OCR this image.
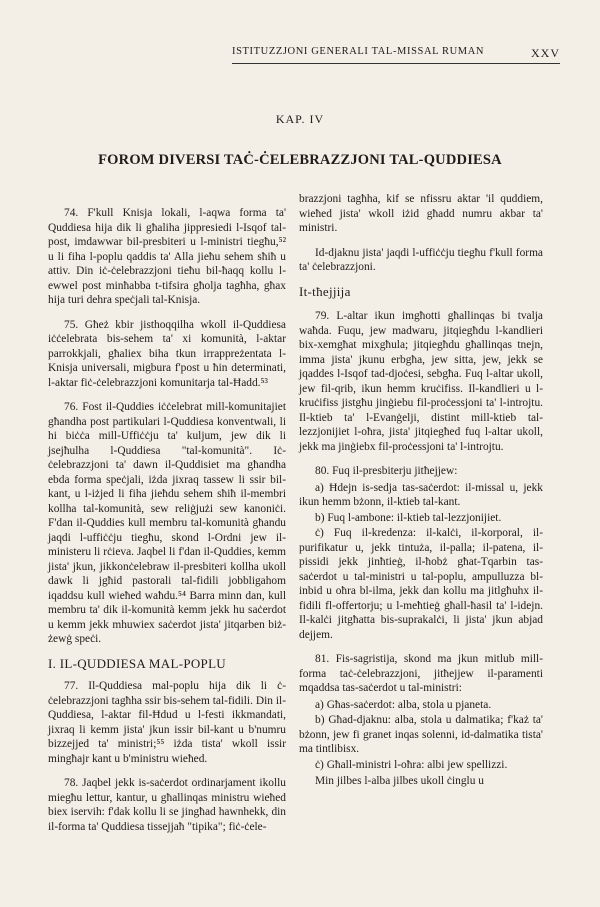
ISTITUZZJONI GENERALI TAL-MISSAL RUMAN	XXV
KAP. IV
FOROM DIVERSI TAĊ-ĊELEBRAZZJONI TAL-QUDDIESA

74. F'kull Knisja lokali, l-aqwa forma ta' Quddiesa hija dik li għaliha jippresiedi l-Isqof tal-post, imdawwar bil-presbiteri u l-ministri tiegħu,⁵² u li fiha l-poplu qaddis ta' Alla jieħu sehem sħiħ u attiv. Din iċ-ċelebrazzjoni tieħu bil-ħaqq kollu l-ewwel post minħabba t-tifsira għolja tagħha, għax hija turi dehra speċjali tal-Knisja.

75. Għeż kbir jisthoqqilha wkoll il-Quddiesa iċċelebrata bis-sehem ta' xi komunità, l-aktar parrokkjali, għaliex biha tkun irrappreżentata l-Knisja universali, migbura f'post u ħin determinati, l-aktar fiċ-ċelebrazzjoni komunitarja tal-Ħadd.⁵³

76. Fost il-Quddies iċċelebrat mill-komunitajiet għandha post partikulari l-Quddiesa konventwali, li hi biċċa mill-Uffiċċju ta' kuljum, jew dik li jsejħulha l-Quddiesa "tal-komunità". Iċ-ċelebrazzjoni ta' dawn il-Quddisiet ma għandha ebda forma speċjali, iżda jixraq tassew li ssir bil-kant, u l-iżjed li fiha jieħdu sehem sħiħ il-membri kollha tal-komunità, sew reliġjużi sew kanoniċi. F'dan il-Quddies kull membru tal-komunità għandu jaqdi l-uffiċċju tiegħu, skond l-Ordni jew il-ministeru li rċieva. Jaqbel li f'dan il-Quddies, kemm jista' jkun, jikkonċelebraw il-presbiteri kollha ukoll dawk li jgħid pastorali tal-fidili jobbligahom iqaddsu kull wieħed waħdu.⁵⁴ Barra minn dan, kull membru ta' dik il-komunità kemm jekk hu saċerdot u kemm jekk mhuwiex saċerdot jista' jitqarben biż-żewġ speċi.

I. IL-QUDDIESA MAL-POPLU

77. Il-Quddiesa mal-poplu hija dik li ċ-ċelebrazzjoni tagħha ssir bis-sehem tal-fidili. Din il-Quddiesa, l-aktar fil-Ħdud u l-festi ikkmandati, jixraq li kemm jista' jkun issir bil-kant u b'numru bizzejjed ta' ministri;⁵⁵ iżda tista' wkoll issir mingħajr kant u b'ministru wieħed.

78. Jaqbel jekk is-saċerdot ordinarjament ikollu miegħu lettur, kantur, u għallinqas ministru wieħed biex iservih: f'dak kollu li se jingħad hawnhekk, din il-forma ta' Quddiesa tissejjaħ "tipika"; fiċ-ċele-

brazzjoni tagħha, kif se nfissru aktar 'il quddiem, wieħed jista' wkoll iżid għadd numru akbar ta' ministri.

Id-djaknu jista' jaqdi l-uffiċċju tiegħu f'kull forma ta' ċelebrazzjoni.

It-tħejjija

79. L-altar ikun imgħotti għallinqas bi tvalja waħda. Fuqu, jew madwaru, jitqiegħdu l-kandlieri bix-xemgħat mixgħula; jitqiegħdu għallinqas tnejn, imma jista' jkunu erbgħa, jew sitta, jew, jekk se jqaddes l-Isqof tad-djoċesi, sebgħa. Fuq l-altar ukoll, jew fil-qrib, ikun hemm kruċifiss. Il-kandlieri u l-kruċifiss jistgħu jinġiebu fil-proċessjoni ta' l-introjtu. Il-ktieb ta' l-Evanġelji, distint mill-ktieb tal-lezzjonijiet l-oħra, jista' jitqiegħed fuq l-altar ukoll, jekk ma jinġiebx fil-proċessjoni ta' l-introjtu.

80. Fuq il-presbiterju jitħejjew:

a) Ħdejn is-sedja tas-saċerdot: il-missal u, jekk ikun hemm bżonn, il-ktieb tal-kant.

b) Fuq l-ambone: il-ktieb tal-lezzjonijiet.

ċ) Fuq il-kredenza: il-kalċi, il-korporal, il-purifikatur u, jekk tintuża, il-palla; il-patena, il-pissidi jekk jinħtieġ, il-ħobż għat-Tqarbin tas-saċerdot u tal-ministri u tal-poplu, ampulluzza bl-inbid u oħra bl-ilma, jekk dan kollu ma jitlgħuhx il-fidili fl-offertorju; u l-meħtieġ għall-ħasil ta' l-idejn. Il-kalċi jitgħatta bis-suprakalċi, li jista' jkun abjad dejjem.

81. Fis-sagristija, skond ma jkun mitlub mill-forma taċ-ċelebrazzjoni, jitħejjew il-paramenti mqaddsa tas-saċerdot u tal-ministri:

a) Għas-saċerdot: alba, stola u pjaneta.

b) Għad-djaknu: alba, stola u dalmatika; f'każ ta' bżonn, jew fi granet inqas solenni, id-dalmatika tista' ma tintlibisx.

ċ) Għall-ministri l-oħra: albi jew spellizzi.

Min jilbes l-alba jilbes ukoll ċinglu u
